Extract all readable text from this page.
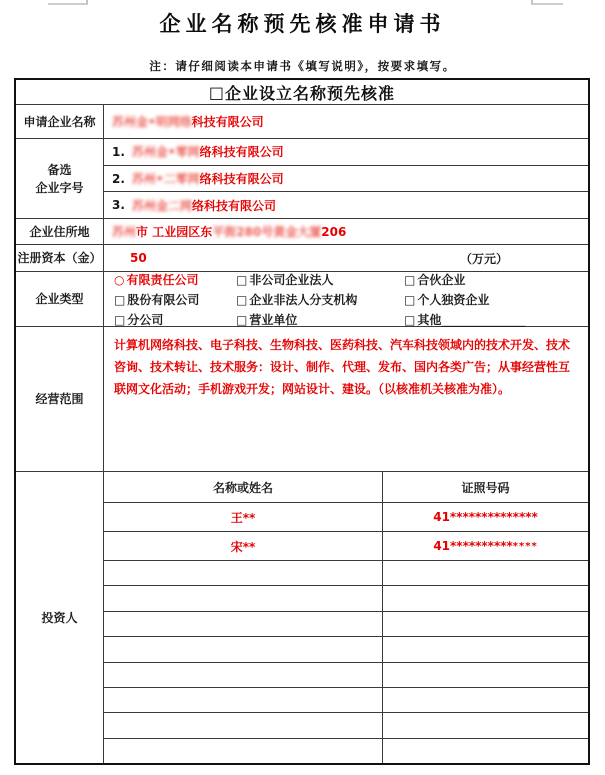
企业名称预先核准申请书
注：请仔细阅读本申请书《填写说明》，按要求填写。
□ 企业设立名称预先核准
申请企业名称	苏州金•明网络 科技有限公司
备选
企业字号
1. 苏州金•零网 络科技有限公司
2. 苏州•二零网 络科技有限公司
3. 苏州金二网 络科技有限公司
企业住所地	苏州 市 工业园区东 平街280号黄金大厦 206
注册资本（金） 50	（万元）
企业类型
○ 有限责任公司	□ 非公司企业法人	□ 合伙企业
□ 股份有限公司	□ 企业非法人分支机构	□ 个人独资企业
□ 分公司	□ 营业单位	□ 其他______________
经营范围
计算机网络科技、电子科技、生物科技、医药科技、汽车科技领域内的技术开发、技术咨询、技术转让、技术服务：设计、制作、代理、发布、国内各类广告；从事经营性互联网文化活动；手机游戏开发；网站设计、建设。（以核准机关核准为准）。
投资人
名称或姓名	证照号码
王**	41**************
宋**	41********** ****
